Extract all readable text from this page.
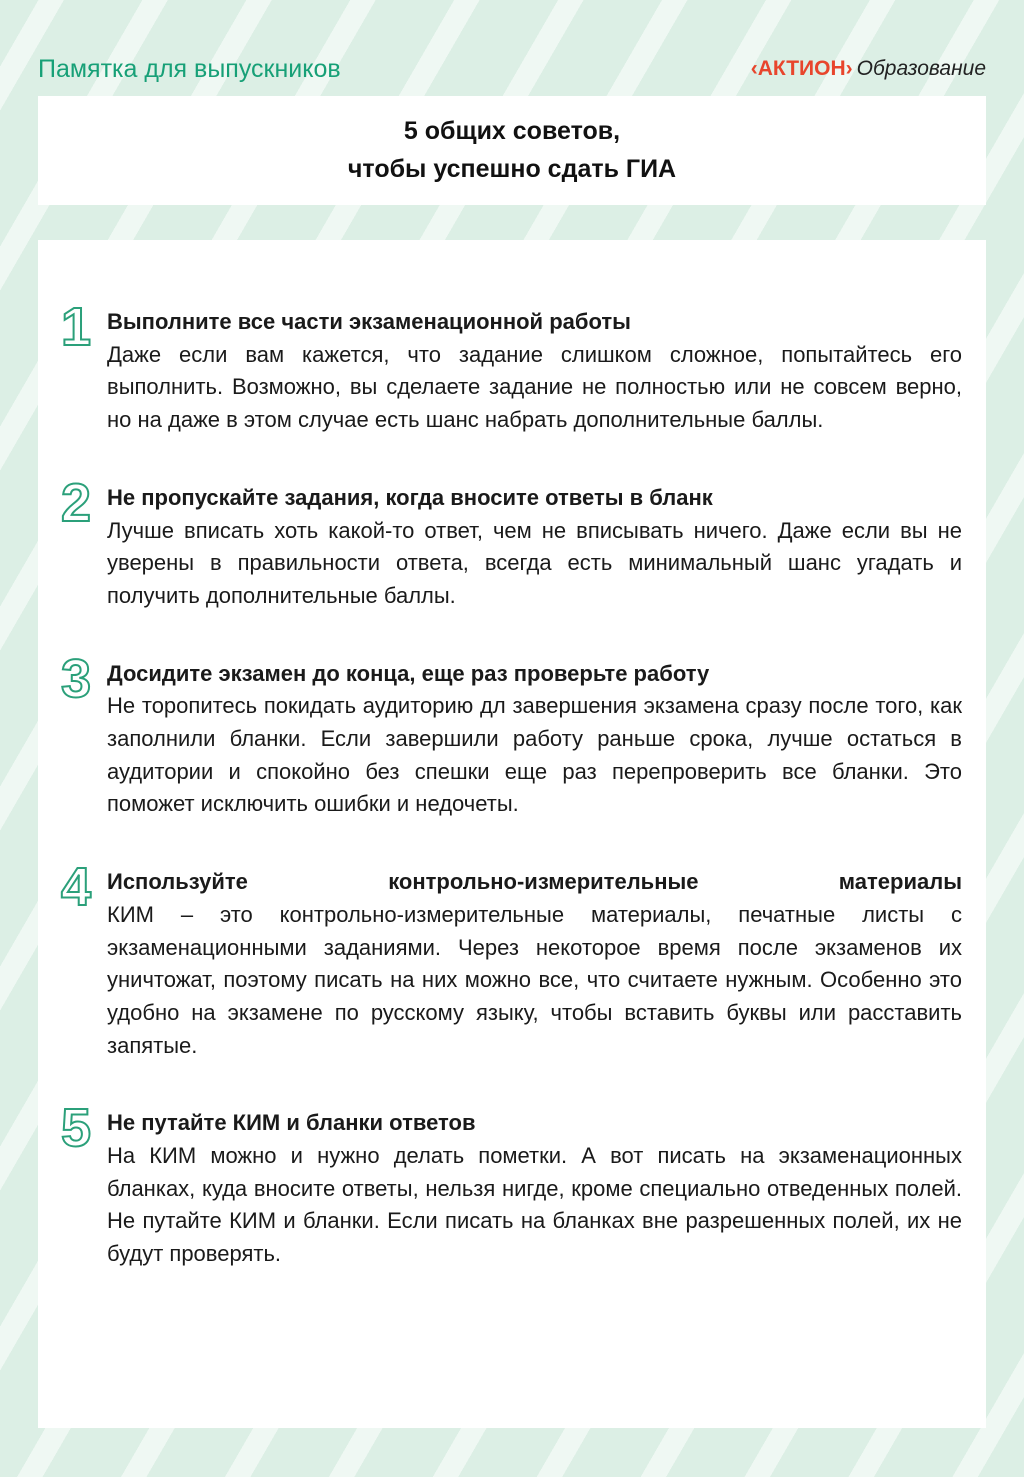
Памятка для выпускников	‹АКТИОН› Образование
5 общих советов,
чтобы успешно сдать ГИА
1 Выполните все части экзаменационной работы

Даже если вам кажется, что задание слишком сложное, попытайтесь его выполнить. Возможно, вы сделаете задание не полностью или не совсем верно, но на даже в этом случае есть шанс набрать дополнительные баллы.

2 Не пропускайте задания, когда вносите ответы в бланк

Лучше вписать хоть какой-то ответ, чем не вписывать ничего. Даже если вы не уверены в правильности ответа, всегда есть минимальный шанс угадать и получить дополнительные баллы.

3 Досидите экзамен до конца, еще раз проверьте работу

Не торопитесь покидать аудиторию дл завершения экзамена сразу после того, как заполнили бланки. Если завершили работу раньше срока, лучше остаться в аудитории и спокойно без спешки еще раз перепроверить все бланки. Это поможет исключить ошибки и недочеты.

4 Используйте контрольно-измерительные материалы

КИМ – это контрольно-измерительные материалы, печатные листы с экзаменационными заданиями. Через некоторое время после экзаменов их уничтожат, поэтому писать на них можно все, что считаете нужным. Особенно это удобно на экзамене по русскому языку, чтобы вставить буквы или расставить запятые.

5 Не путайте КИМ и бланки ответов

На КИМ можно и нужно делать пометки. А вот писать на экзаменационных бланках, куда вносите ответы, нельзя нигде, кроме специально отведенных полей. Не путайте КИМ и бланки. Если писать на бланках вне разрешенных полей, их не будут проверять.
